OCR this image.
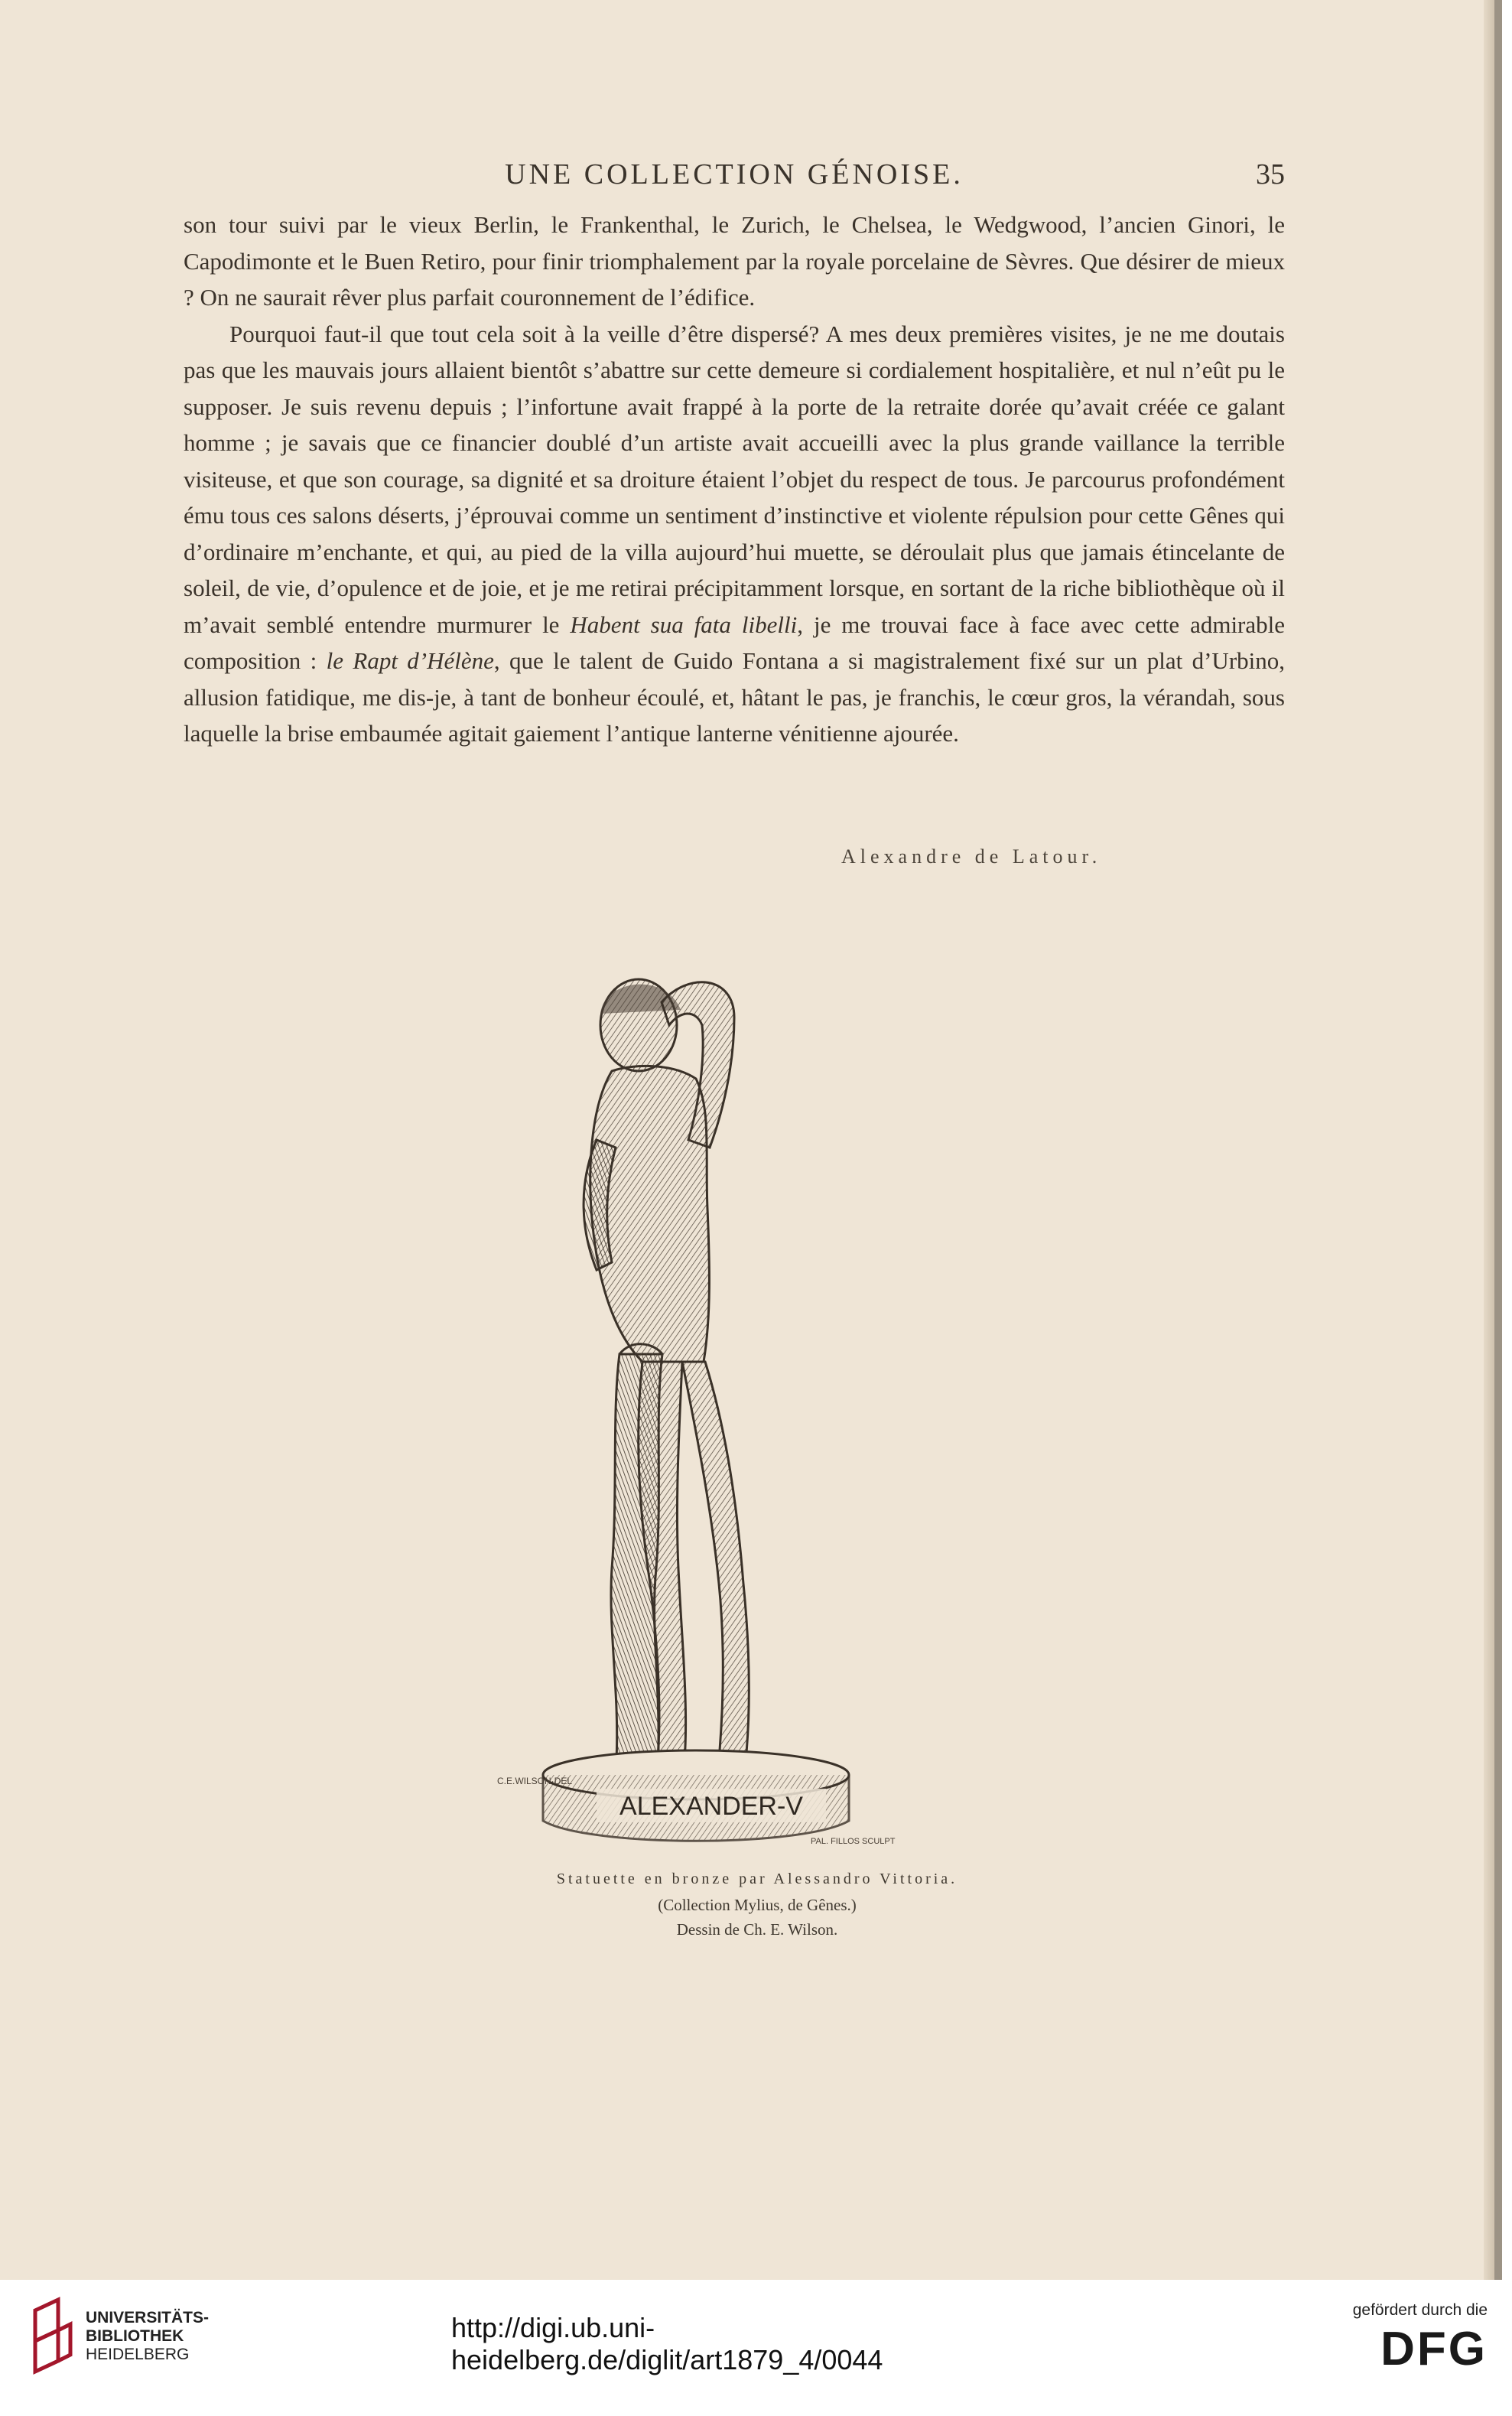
UNE COLLECTION GÉNOISE.	35

son tour suivi par le vieux Berlin, le Frankenthal, le Zurich, le Chelsea, le Wedgwood, l’ancien Ginori, le Capodimonte et le Buen Retiro, pour finir triomphalement par la royale porcelaine de Sèvres. Que désirer de mieux ? On ne saurait rêver plus parfait couronnement de l’édifice.

Pourquoi faut-il que tout cela soit à la veille d’être dispersé? A mes deux premières visites, je ne me doutais pas que les mauvais jours allaient bientôt s’abattre sur cette demeure si cordialement hospitalière, et nul n’eût pu le supposer. Je suis revenu depuis ; l’infortune avait frappé à la porte de la retraite dorée qu’avait créée ce galant homme ; je savais que ce financier doublé d’un artiste avait accueilli avec la plus grande vaillance la terrible visiteuse, et que son courage, sa dignité et sa droiture étaient l’objet du respect de tous. Je parcourus profondément ému tous ces salons déserts, j’éprouvai comme un sentiment d’instinctive et violente répulsion pour cette Gênes qui d’ordinaire m’enchante, et qui, au pied de la villa aujourd’hui muette, se déroulait plus que jamais étincelante de soleil, de vie, d’opulence et de joie, et je me retirai précipitamment lorsque, en sortant de la riche bibliothèque où il m’avait semblé entendre murmurer le Habent sua fata libelli, je me trouvai face à face avec cette admirable composition : le Rapt d’Hélène, que le talent de Guido Fontana a si magistralement fixé sur un plat d’Urbino, allusion fatidique, me dis-je, à tant de bonheur écoulé, et, hâtant le pas, je franchis, le cœur gros, la vérandah, sous laquelle la brise embaumée agitait gaiement l’antique lanterne vénitienne ajourée.

Alexandre de Latour.
ALEXANDER-V
C.E.WILSON·DEL
PAL. FILLOS SCULPT
Statuette en bronze par Alessandro Vittoria.
(Collection Mylius, de Gênes.)
Dessin de Ch. E. Wilson.
UNIVERSITÄTS-
BIBLIOTHEK
HEIDELBERG
http://digi.ub.uni-heidelberg.de/diglit/art1879_4/0044
gefördert durch die
DFG
